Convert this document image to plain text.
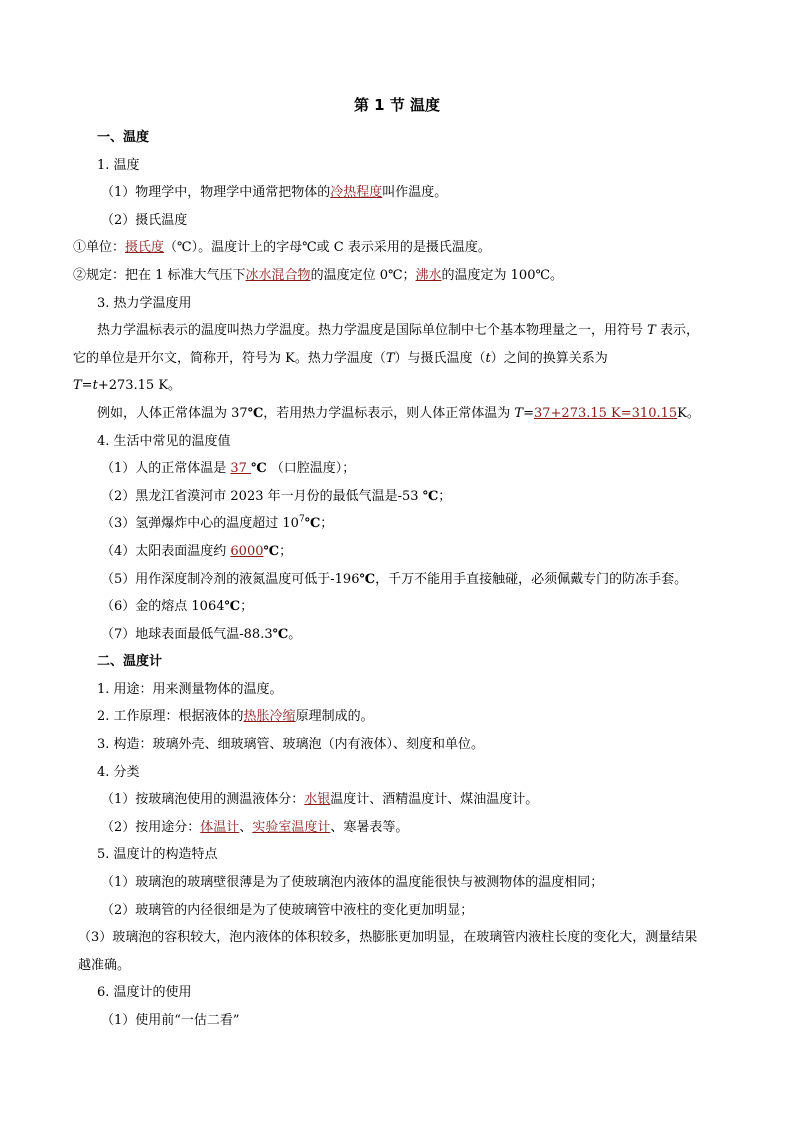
第 1 节 温度
一、温度
1. 温度
（1）物理学中，物理学中通常把物体的冷热程度叫作温度。
（2）摄氏温度
①单位：摄氏度（℃）。温度计上的字母℃或 C 表示采用的是摄氏温度。
②规定：把在 1 标准大气压下冰水混合物的温度定位 0℃；沸水的温度定为 100℃。
3. 热力学温度用
热力学温标表示的温度叫热力学温度。热力学温度是国际单位制中七个基本物理量之一，用符号 T 表示，它的单位是开尔文，简称开，符号为 K。热力学温度（T）与摄氏温度（t）之间的换算关系为
T=t+273.15 K。
例如，人体正常体温为 37℃，若用热力学温标表示，则人体正常体温为 T=37+273.15 K=310.15K。
4. 生活中常见的温度值
（1）人的正常体温是 37 ℃ （口腔温度）；
（2）黑龙江省漠河市 2023 年一月份的最低气温是-53 ℃；
（3）氢弹爆炸中心的温度超过 $10^7℃$；
（4）太阳表面温度约 6000℃；
（5）用作深度制冷剂的液氮温度可低于-196℃，千万不能用手直接触碰，必须佩戴专门的防冻手套。
（6）金的熔点 1064℃；
（7）地球表面最低气温-88.3℃。
二、温度计
1. 用途：用来测量物体的温度。
2. 工作原理：根据液体的热胀冷缩原理制成的。
3. 构造：玻璃外壳、细玻璃管、玻璃泡（内有液体）、刻度和单位。
4. 分类
（1）按玻璃泡使用的测温液体分：水银温度计、酒精温度计、煤油温度计。
（2）按用途分：体温计、实验室温度计、寒暑表等。
5. 温度计的构造特点
（1）玻璃泡的玻璃壁很薄是为了使玻璃泡内液体的温度能很快与被测物体的温度相同；
（2）玻璃管的内径很细是为了使玻璃管中液柱的变化更加明显；
（3）玻璃泡的容积较大，泡内液体的体积较多，热膨胀更加明显，在玻璃管内液柱长度的变化大，测量结果越准确。
6. 温度计的使用
（1）使用前“一估二看”
